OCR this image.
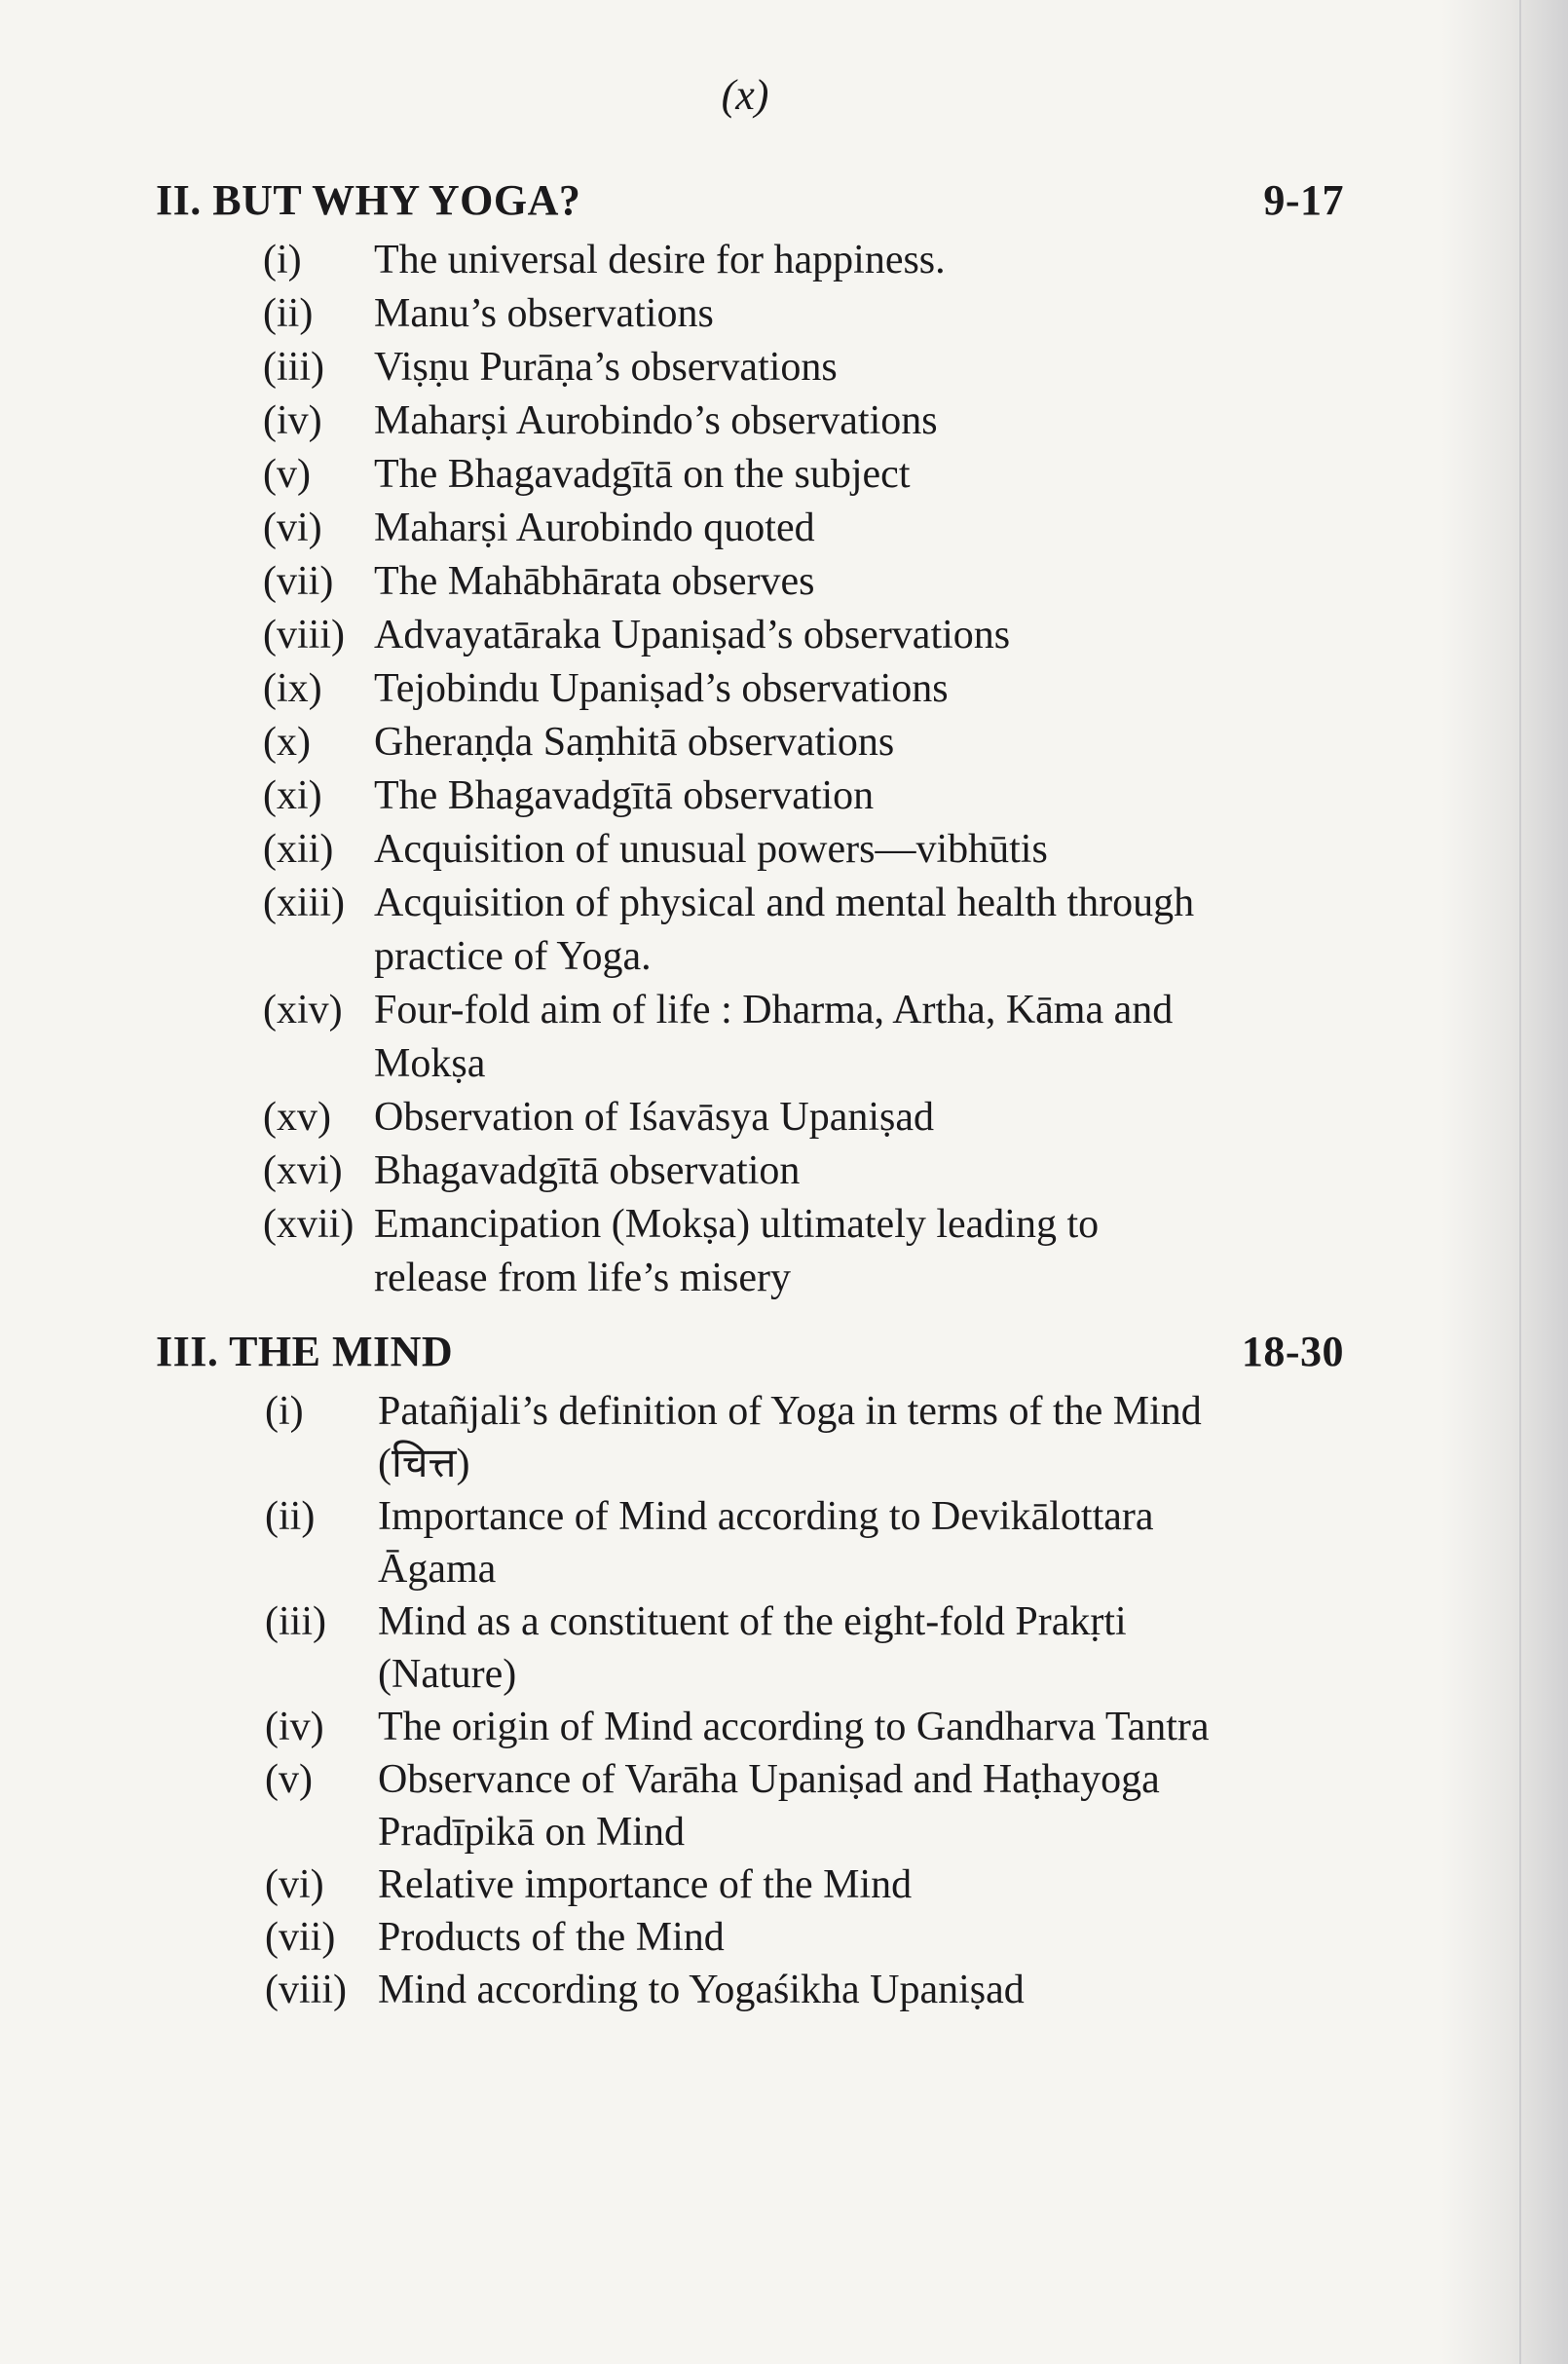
(x)
II. BUT WHY YOGA?	9-17
(i) The universal desire for happiness.
(ii) Manu’s observations
(iii) Viṣṇu Purāṇa’s observations
(iv) Maharṣi Aurobindo’s observations
(v) The Bhagavadgītā on the subject
(vi) Maharṣi Aurobindo quoted
(vii) The Mahābhārata observes
(viii) Advayatāraka Upaniṣad’s observations
(ix) Tejobindu Upaniṣad’s observations
(x) Gheraṇḍa Saṃhitā observations
(xi) The Bhagavadgītā observation
(xii) Acquisition of unusual powers—vibhūtis
(xiii) Acquisition of physical and mental health through practice of Yoga.
(xiv) Four-fold aim of life : Dharma, Artha, Kāma and Mokṣa
(xv) Observation of Iśavāsya Upaniṣad
(xvi) Bhagavadgītā observation
(xvii) Emancipation (Mokṣa) ultimately leading to release from life’s misery
III. THE MIND	18-30
(i) Patañjali’s definition of Yoga in terms of the Mind (चित्त)
(ii) Importance of Mind according to Devikālottara Āgama
(iii) Mind as a constituent of the eight-fold Prakṛti (Nature)
(iv) The origin of Mind according to Gandharva Tantra
(v) Observance of Varāha Upaniṣad and Haṭhayoga Pradīpikā on Mind
(vi) Relative importance of the Mind
(vii) Products of the Mind
(viii) Mind according to Yogaśikha Upaniṣad
